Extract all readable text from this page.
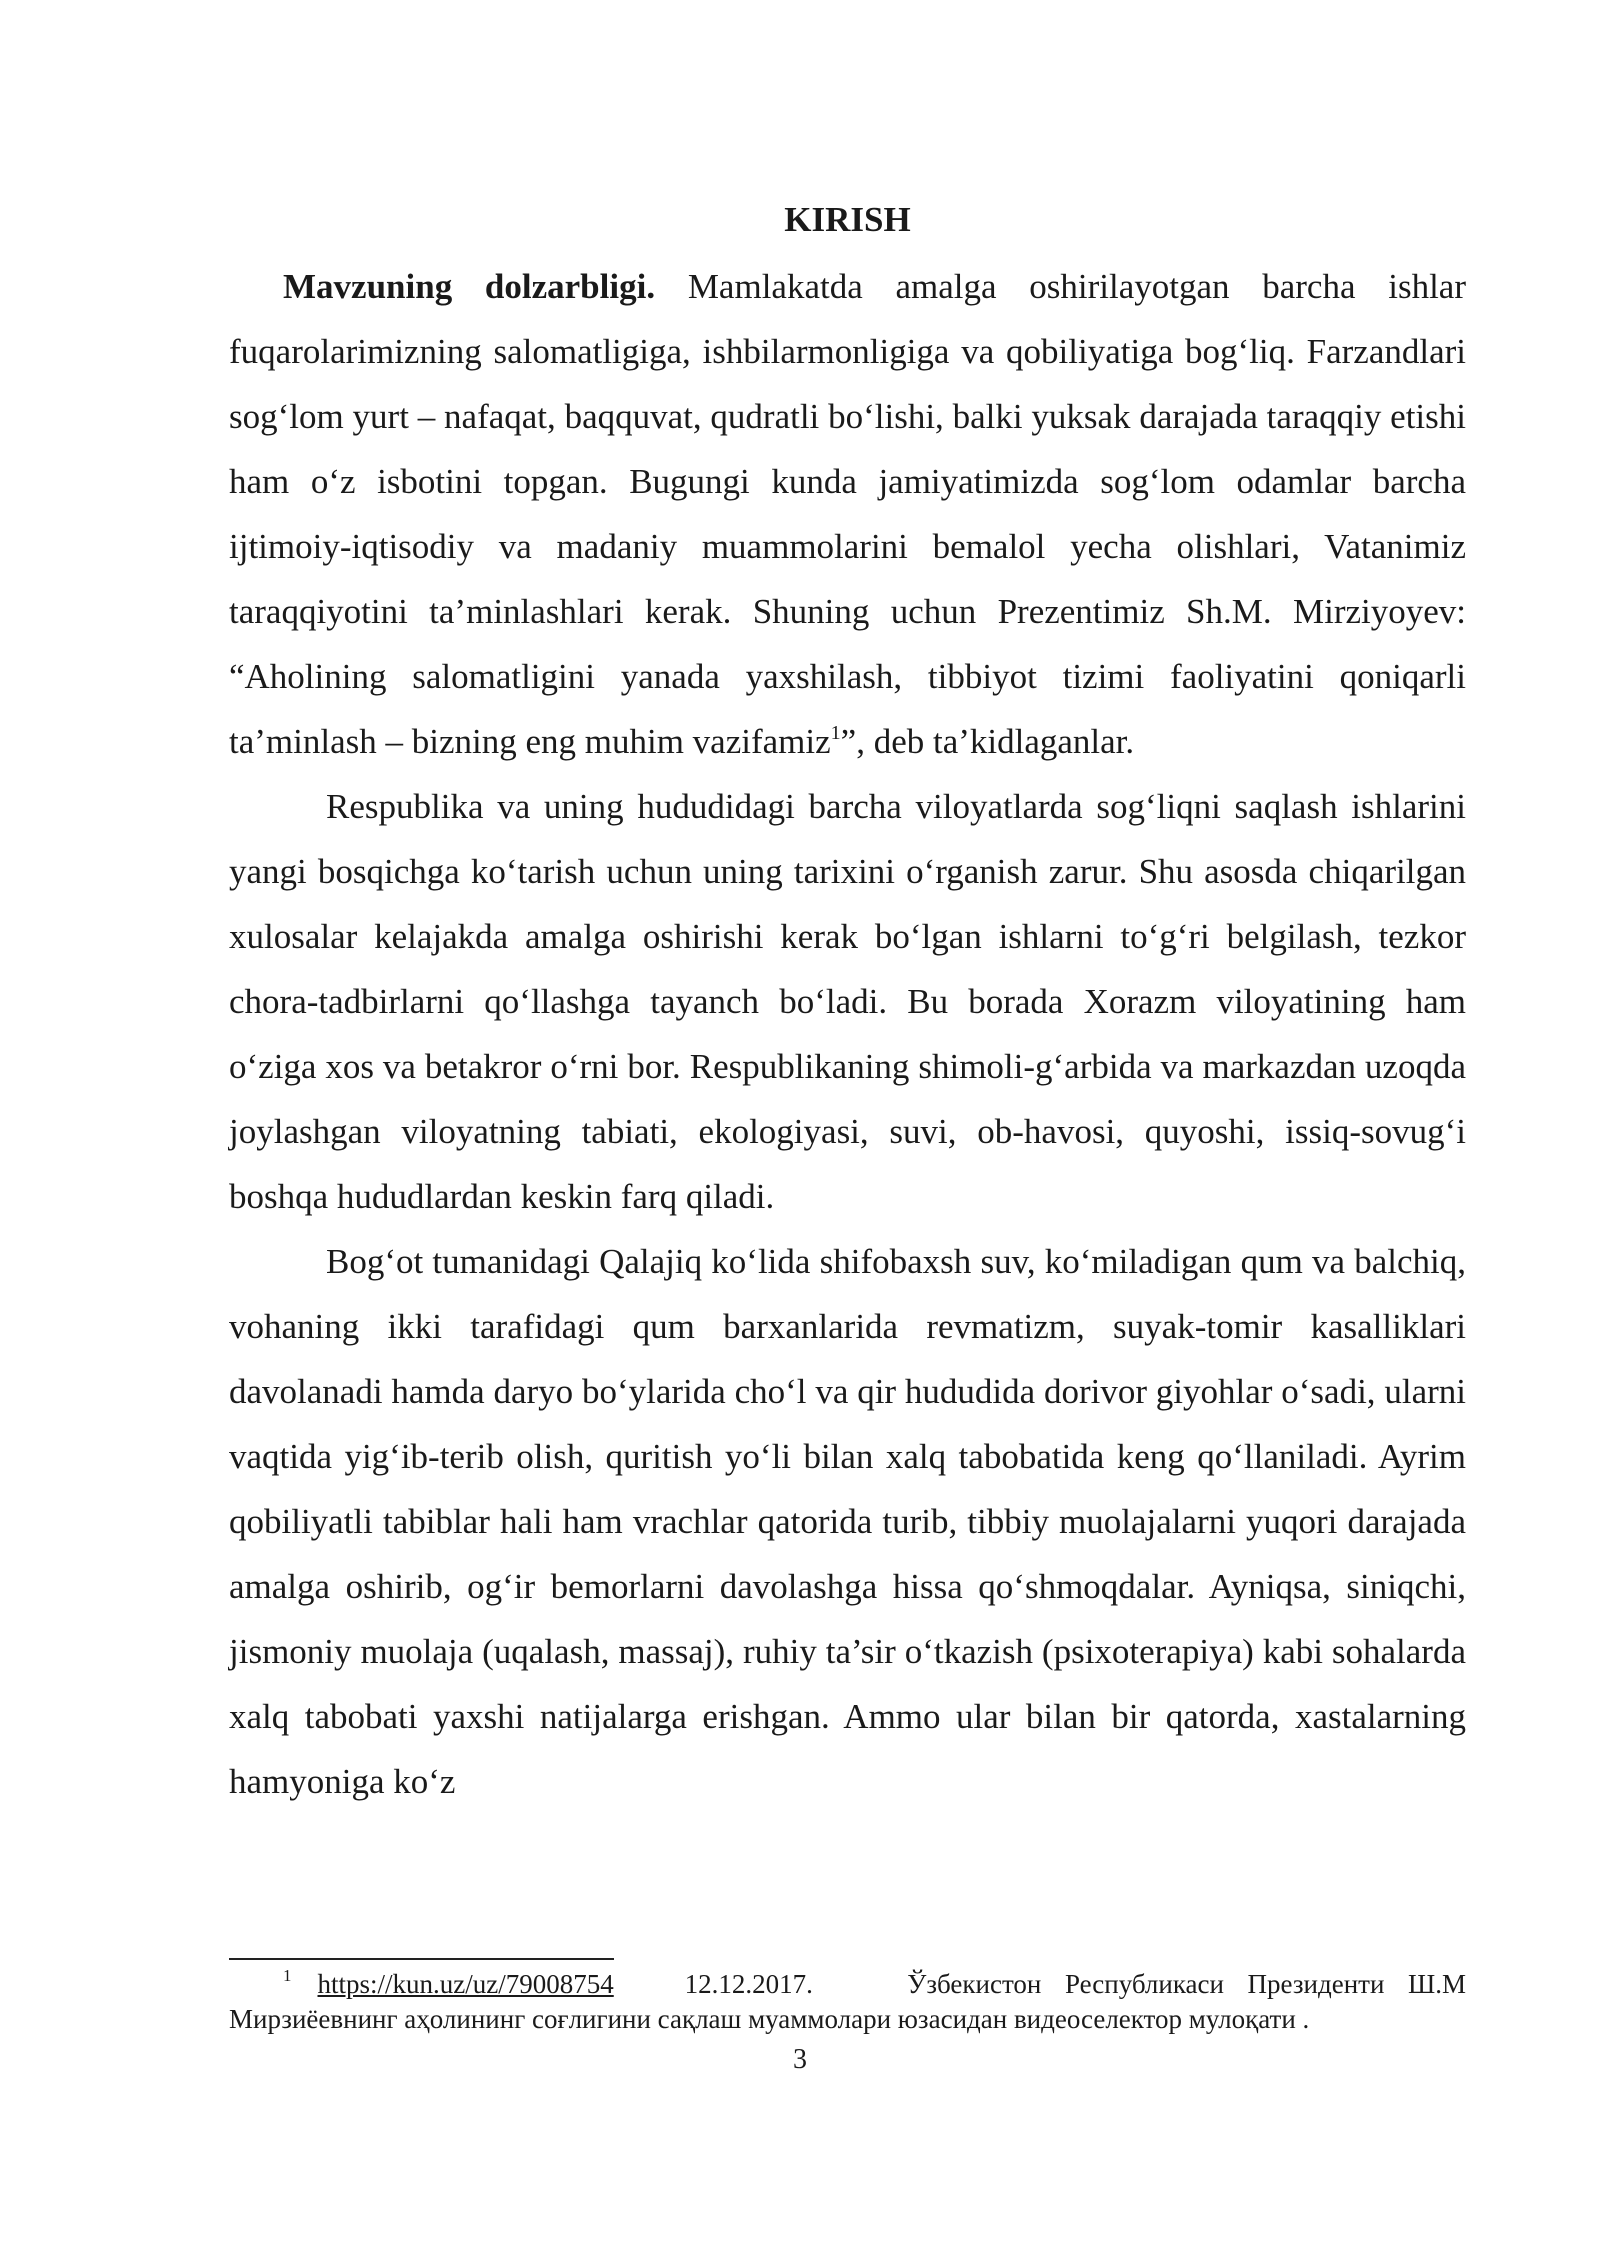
KIRISH

Mavzuning dolzarbligi. Mamlakatda amalga oshirilayotgan barcha ishlar fuqarolarimizning salomatligiga, ishbilarmonligiga va qobiliyatiga bog‘liq. Farzandlari sog‘lom yurt – nafaqat, baqquvat, qudratli bo‘lishi, balki yuksak darajada taraqqiy etishi ham o‘z isbotini topgan. Bugungi kunda jamiyatimizda sog‘lom odamlar barcha ijtimoiy-iqtisodiy va madaniy muammolarini bemalol yecha olishlari, Vatanimiz taraqqiyotini ta’minlashlari kerak. Shuning uchun Prezentimiz Sh.M. Mirziyoyev: “Aholining salomatligini yanada yaxshilash, tibbiyot tizimi faoliyatini qoniqarli ta’minlash – bizning eng muhim vazifamiz$^1$”, deb ta’kidlaganlar.

Respublika va uning hududidagi barcha viloyatlarda sog‘liqni saqlash ishlarini yangi bosqichga ko‘tarish uchun uning tarixini o‘rganish zarur. Shu asosda chiqarilgan xulosalar kelajakda amalga oshirishi kerak bo‘lgan ishlarni to‘g‘ri belgilash, tezkor chora-tadbirlarni qo‘llashga tayanch bo‘ladi. Bu borada Xorazm viloyatining ham o‘ziga xos va betakror o‘rni bor. Respublikaning shimoli-g‘arbida va markazdan uzoqda joylashgan viloyatning tabiati, ekologiyasi, suvi, ob-havosi, quyoshi, issiq-sovug‘i boshqa hududlardan keskin farq qiladi.

Bog‘ot tumanidagi Qalajiq ko‘lida shifobaxsh suv, ko‘miladigan qum va balchiq, vohaning ikki tarafidagi qum barxanlarida revmatizm, suyak-tomir kasalliklari davolanadi hamda daryo bo‘ylarida cho‘l va qir hududida dorivor giyohlar o‘sadi, ularni vaqtida yig‘ib-terib olish, quritish yo‘li bilan xalq tabobatida keng qo‘llaniladi. Ayrim qobiliyatli tabiblar hali ham vrachlar qatorida turib, tibbiy muolajalarni yuqori darajada amalga oshirib, og‘ir bemorlarni davolashga hissa qo‘shmoqdalar. Ayniqsa, siniqchi, jismoniy muolaja (uqalash, massaj), ruhiy ta’sir o‘tkazish (psixoterapiya) kabi sohalarda xalq tabobati yaxshi natijalarga erishgan. Ammo ular bilan bir qatorda, xastalarning hamyoniga ko‘z

$^1$ https://kun.uz/uz/79008754	12.12.2017.	Ўзбекистон Республикаси Президенти Ш.М Мирзиёевнинг аҳолининг соғлигини сақлаш муаммолари юзасидан видеоселектор мулоқати .

3
